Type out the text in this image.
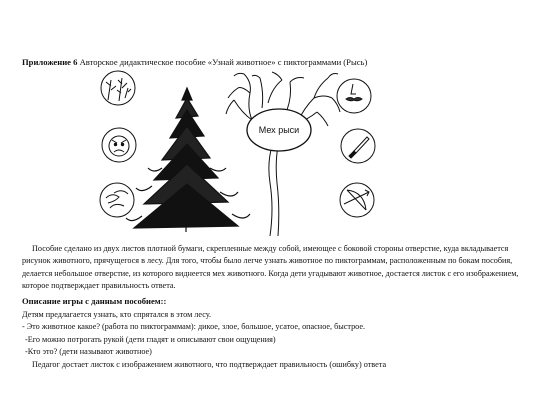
Приложение 6 Авторское дидактическое пособие «Узнай животное» с пиктограммами (Рысь)
Мех рыси

Пособие сделано из двух листов плотной бумаги, скрепленные между собой, имеющее с боковой стороны отверстие, куда вкладывается рисунок животного, прячущегося в лесу. Для того, чтобы было легче узнать животное по пиктограммам, расположенным по бокам пособия, делается небольшое отверстие, из которого виднеется мех животного. Когда дети угадывают животное, достается листок с его изображением, которое подтверждает правильность ответа.

Описание игры с данным пособием::
Детям предлагается узнать, кто спрятался в этом лесу.
- Это животное какое? (работа по пиктограммам): дикое, злое, большое, усатое, опасное, быстрое.
-Его можно потрогать рукой (дети гладят и описывают свои ощущения)
-Кто это? (дети называют животное)
Педагог достает листок с изображением животного, что подтверждает правильность (ошибку) ответа
